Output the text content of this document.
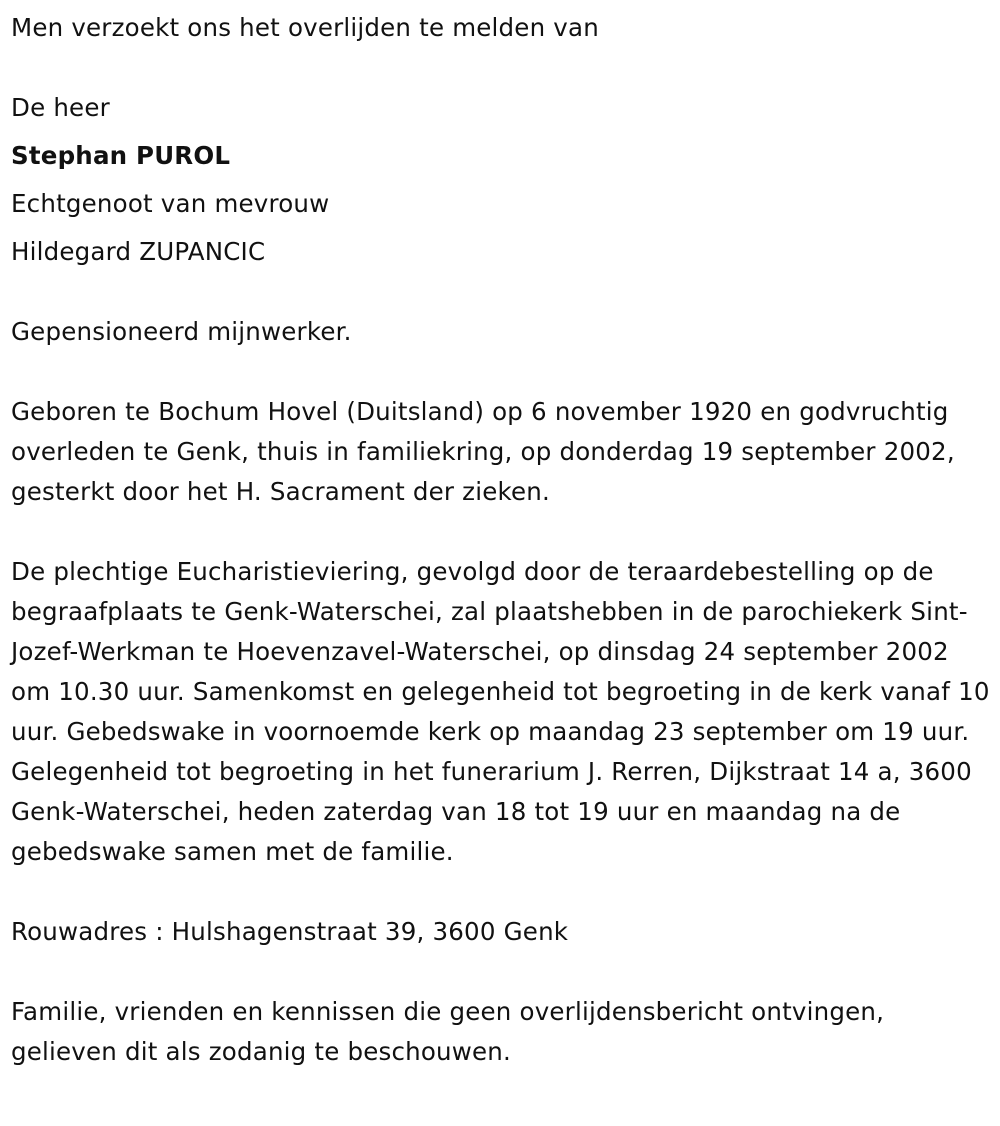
Men verzoekt ons het overlijden te melden van

De heer

Stephan PUROL

Echtgenoot van mevrouw

Hildegard ZUPANCIC

Gepensioneerd mijnwerker.

Geboren te Bochum Hovel (Duitsland) op 6 november 1920 en godvruchtig overleden te Genk, thuis in familiekring, op donderdag 19 september 2002, gesterkt door het H. Sacrament der zieken.

De plechtige Eucharistieviering, gevolgd door de teraardebestelling op de begraafplaats te Genk-Waterschei, zal plaatshebben in de parochiekerk Sint-Jozef-Werkman te Hoevenzavel-Waterschei, op dinsdag 24 september 2002 om 10.30 uur. Samenkomst en gelegenheid tot begroeting in de kerk vanaf 10 uur. Gebedswake in voornoemde kerk op maandag 23 september om 19 uur. Gelegenheid tot begroeting in het funerarium J. Rerren, Dijkstraat 14 a, 3600 Genk-Waterschei, heden zaterdag van 18 tot 19 uur en maandag na de gebedswake samen met de familie.

Rouwadres : Hulshagenstraat 39, 3600 Genk

Familie, vrienden en kennissen die geen overlijdensbericht ontvingen, gelieven dit als zodanig te beschouwen.
